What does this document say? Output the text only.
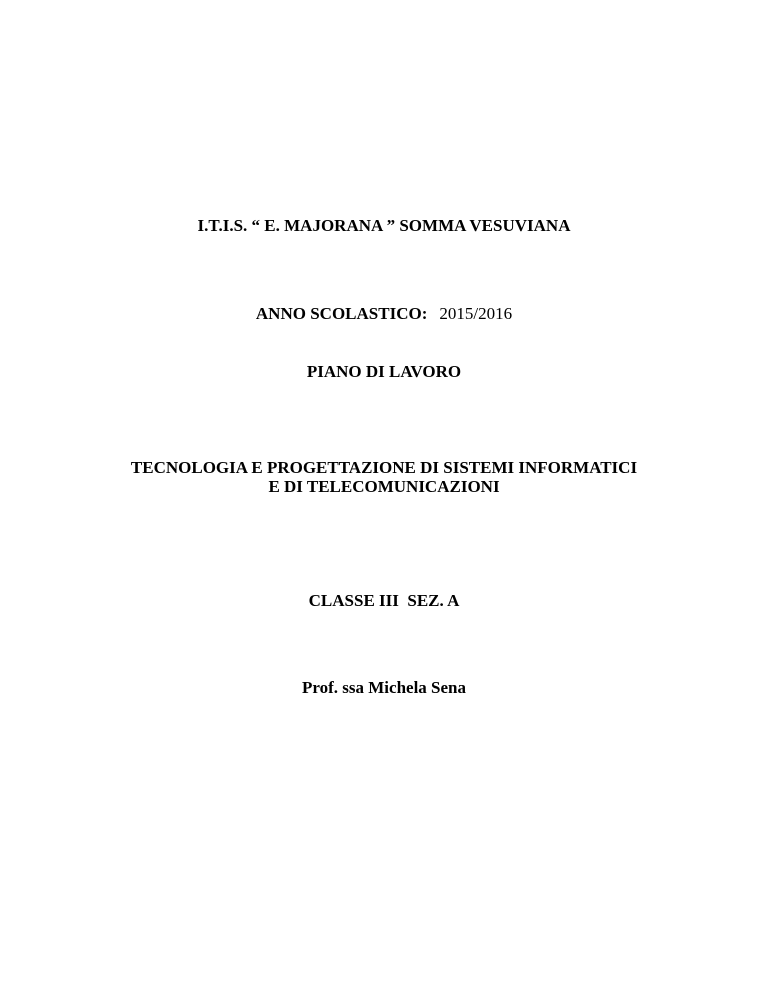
I.T.I.S. “ E. MAJORANA ” SOMMA VESUVIANA
ANNO SCOLASTICO: 2015/2016
PIANO DI LAVORO
TECNOLOGIA E PROGETTAZIONE DI SISTEMI INFORMATICI
E DI TELECOMUNICAZIONI
CLASSE III  SEZ. A
Prof. ssa Michela Sena
